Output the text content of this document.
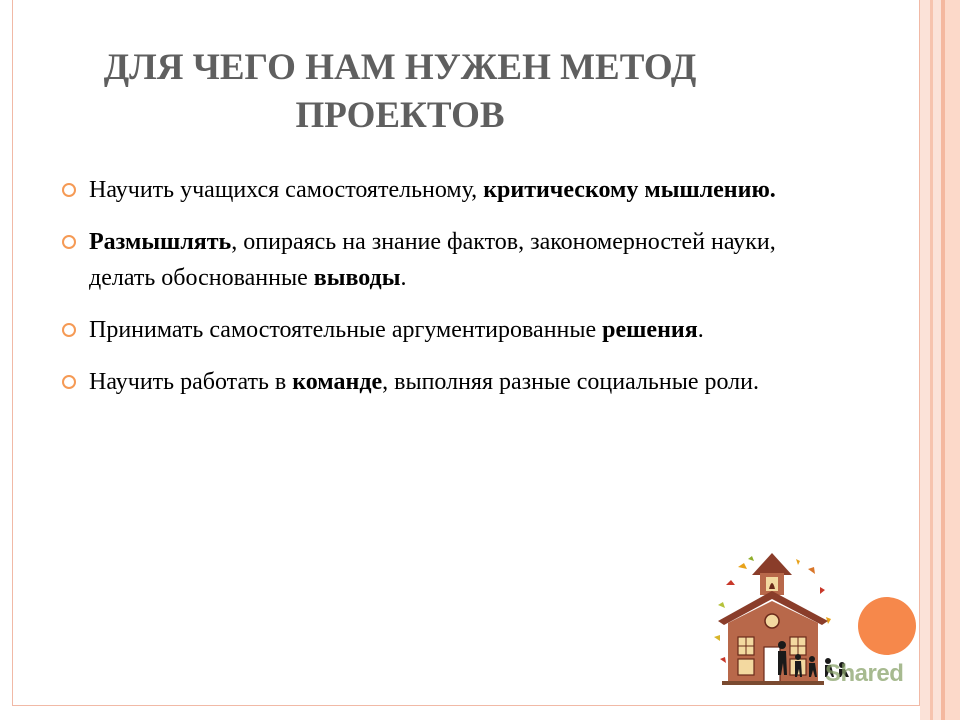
ДЛЯ ЧЕГО НАМ НУЖЕН МЕТОД
ПРОЕКТОВ
Научить учащихся самостоятельному, критическому мышлению.
Размышлять, опираясь на знание фактов, закономерностей науки, делать обоснованные выводы.
Принимать самостоятельные аргументированные решения.
Научить работать в команде, выполняя разные социальные роли.
Shared
